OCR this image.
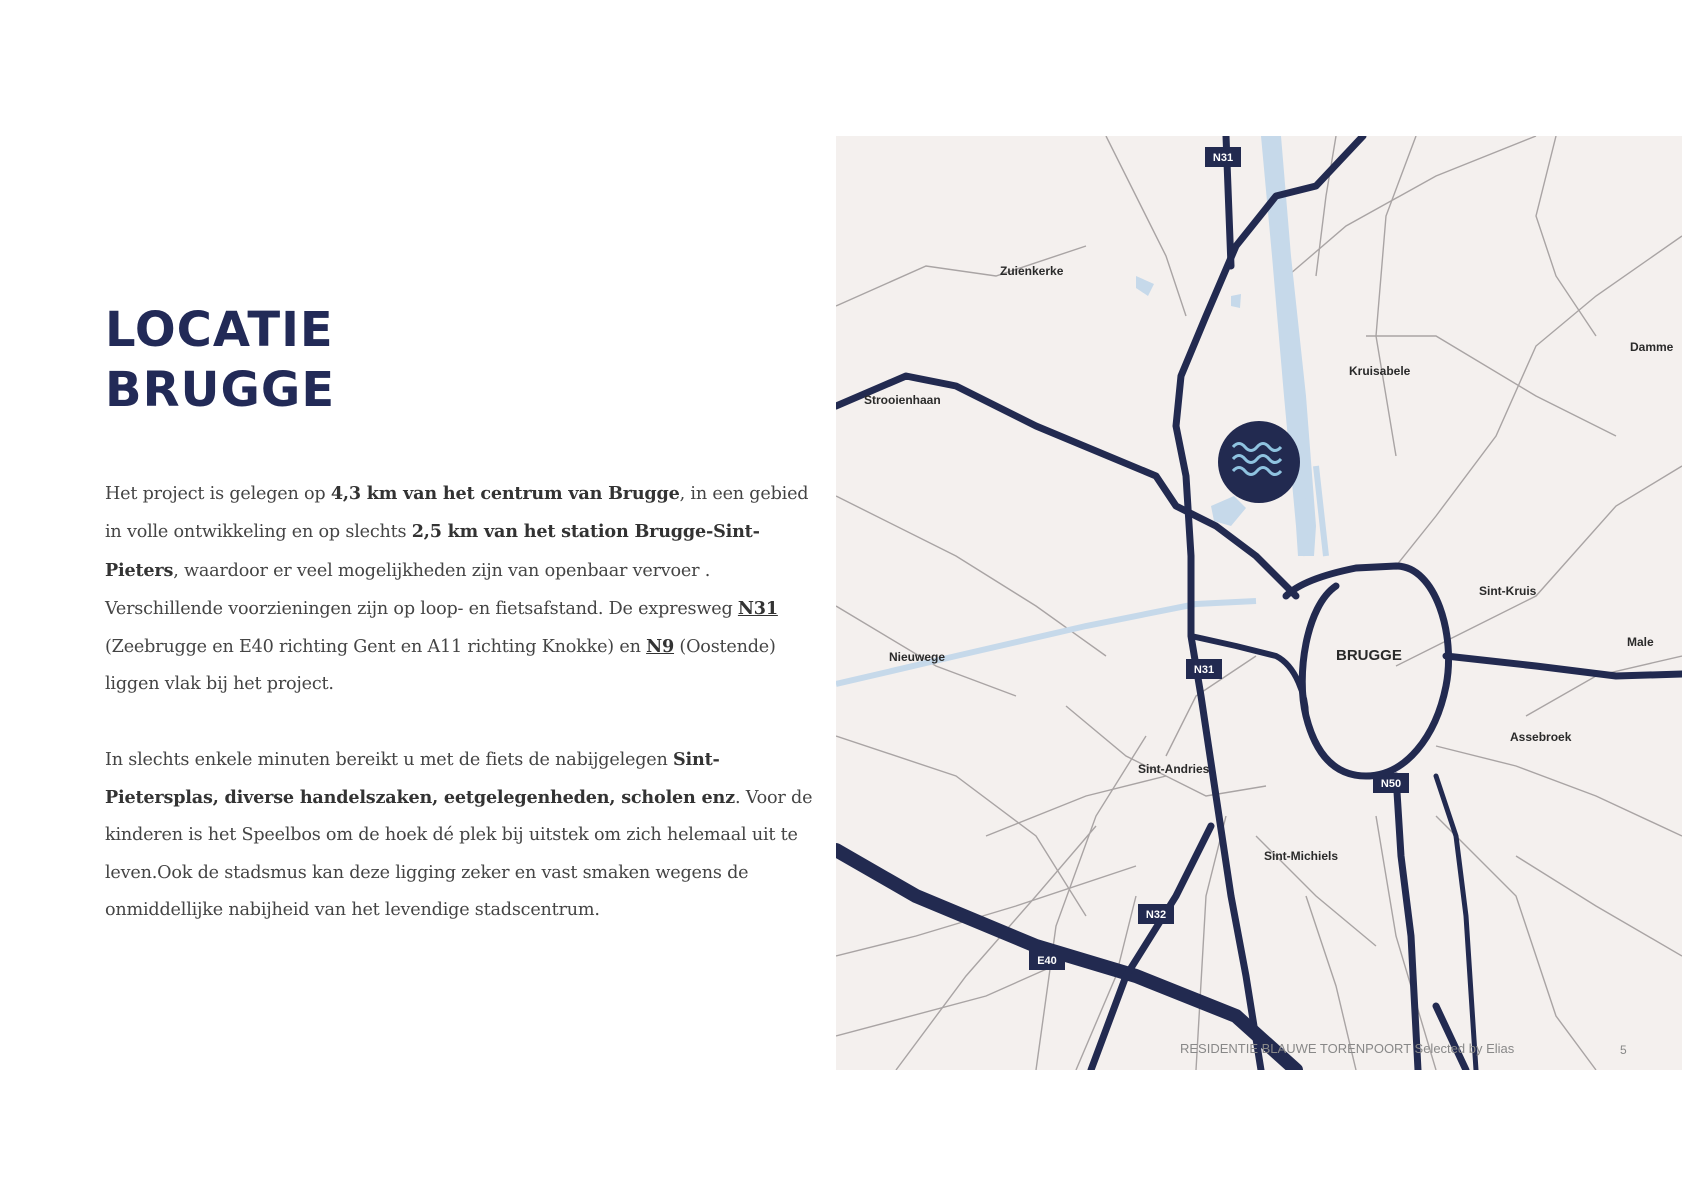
LOCATIE
BRUGGE

Het project is gelegen op 4,3 km van het centrum van Brugge, in een gebied in volle ontwikkeling en op slechts 2,5 km van het station Brugge-Sint-Pieters, waardoor er veel mogelijkheden zijn van openbaar vervoer . Verschillende voorzieningen zijn op loop- en fietsafstand. De expresweg N31 (Zeebrugge en E40 richting Gent en A11 richting Knokke) en N9 (Oostende) liggen vlak bij het project.

In slechts enkele minuten bereikt u met de fiets de nabijgelegen Sint-Pietersplas, diverse handelszaken, eetgelegenheden, scholen enz. Voor de kinderen is het Speelbos om de hoek dé plek bij uitstek om zich helemaal uit te leven.Ook de stadsmus kan deze ligging zeker en vast smaken wegens de onmiddellijke nabijheid van het levendige stadscentrum.

N31
N31
N50
N32
E40
Zuienkerke
Damme
Kruisabele
Strooienhaan
Sint-Kruis
Nieuwege	BRUGGE
Male
Assebroek
Sint-Andries
Sint-Michiels
RESIDENTIE BLAUWE TORENPOORT Selected by Elias	5
